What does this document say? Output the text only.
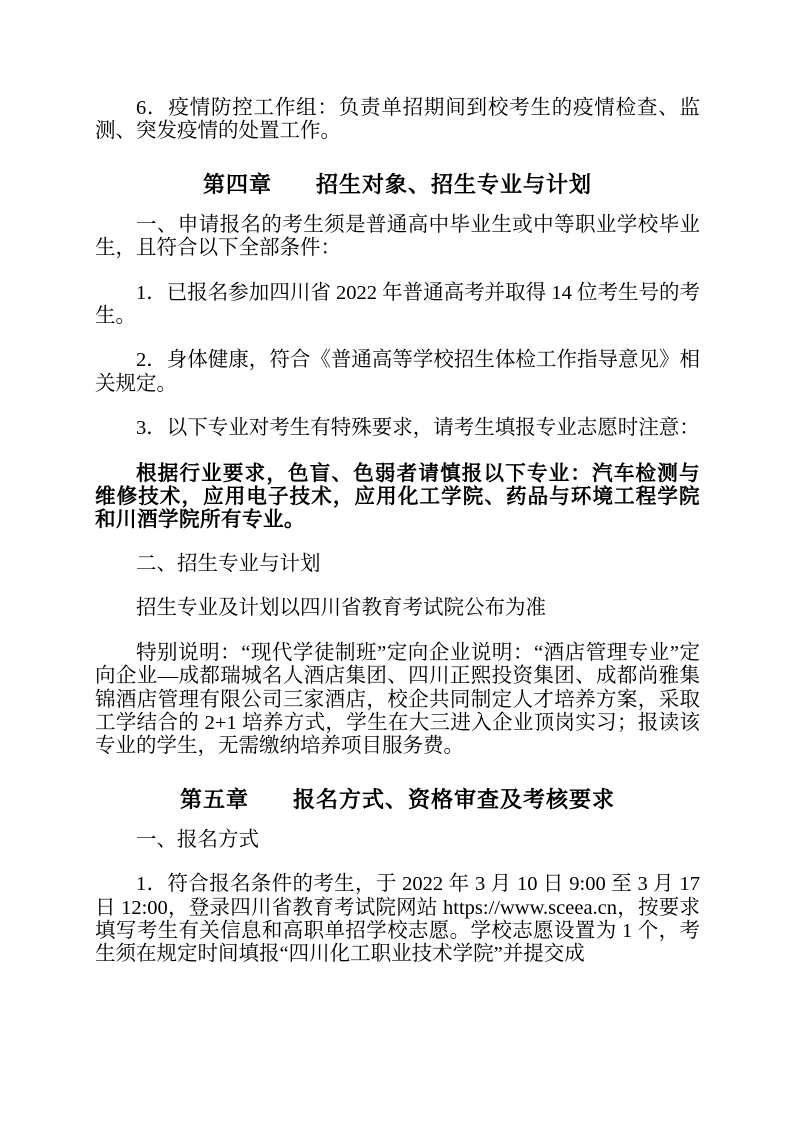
6．疫情防控工作组：负责单招期间到校考生的疫情检查、监测、突发疫情的处置工作。

第四章 招生对象、招生专业与计划

一、申请报名的考生须是普通高中毕业生或中等职业学校毕业生，且符合以下全部条件：

1．已报名参加四川省 2022 年普通高考并取得 14 位考生号的考生。

2．身体健康，符合《普通高等学校招生体检工作指导意见》相关规定。

3．以下专业对考生有特殊要求，请考生填报专业志愿时注意：

根据行业要求，色盲、色弱者请慎报以下专业：汽车检测与维修技术，应用电子技术，应用化工学院、药品与环境工程学院和川酒学院所有专业。

二、招生专业与计划

招生专业及计划以四川省教育考试院公布为准

特别说明：“现代学徒制班”定向企业说明：“酒店管理专业”定向企业—成都瑞城名人酒店集团、四川正熙投资集团、成都尚雅集锦酒店管理有限公司三家酒店，校企共同制定人才培养方案，采取工学结合的 2+1 培养方式，学生在大三进入企业顶岗实习；报读该专业的学生，无需缴纳培养项目服务费。

第五章 报名方式、资格审查及考核要求

一、报名方式

1．符合报名条件的考生，于 2022 年 3 月 10 日 9:00 至 3 月 17 日 12:00，登录四川省教育考试院网站 https://www.sceea.cn，按要求填写考生有关信息和高职单招学校志愿。学校志愿设置为 1 个，考生须在规定时间填报“四川化工职业技术学院”并提交成
